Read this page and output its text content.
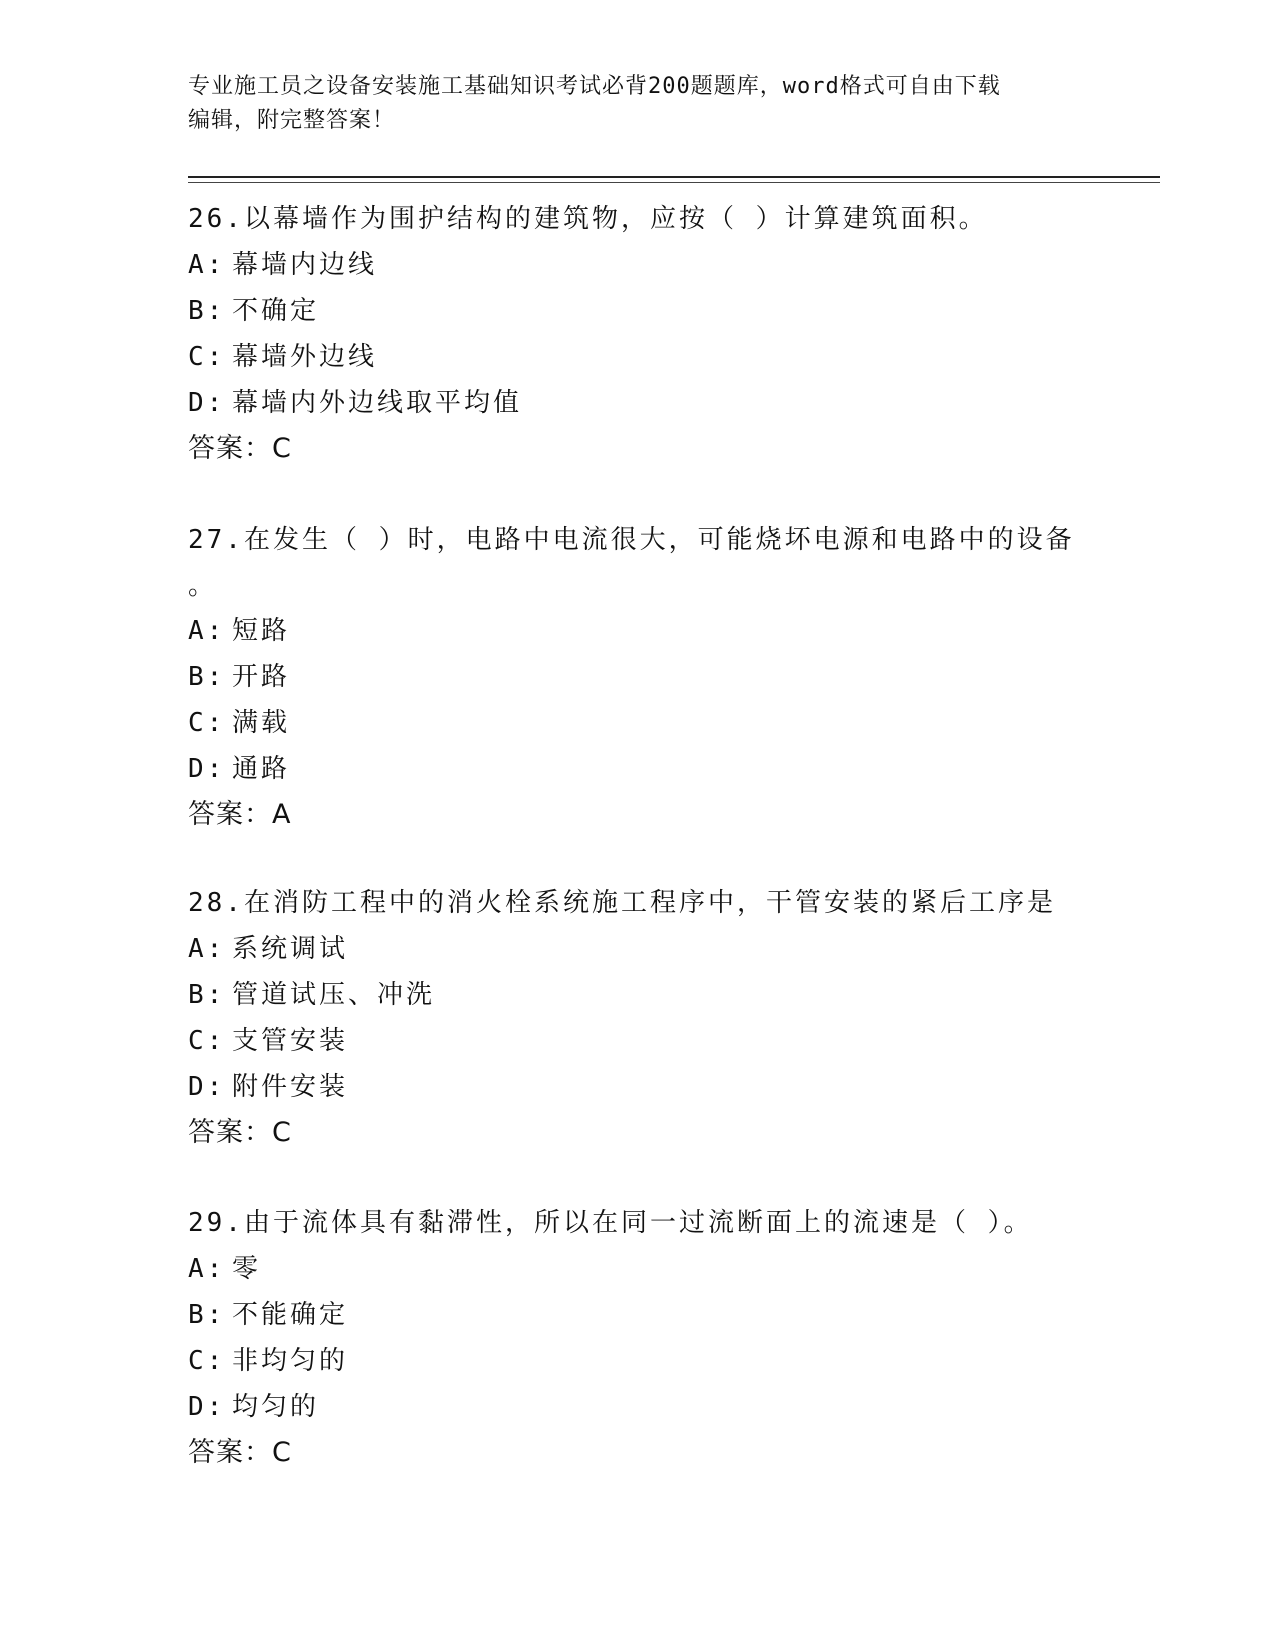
专业施工员之设备安装施工基础知识考试必背200题题库，word格式可自由下载
编辑，附完整答案！
26.以幕墙作为围护结构的建筑物，应按（ ）计算建筑面积。
A: 幕墙内边线
B: 不确定
C: 幕墙外边线
D: 幕墙内外边线取平均值
答案： C
27.在发生（ ）时，电路中电流很大，可能烧坏电源和电路中的设备
。
A: 短路
B: 开路
C: 满载
D: 通路
答案： A
28.在消防工程中的消火栓系统施工程序中，干管安装的紧后工序是
A: 系统调试
B: 管道试压、冲洗
C: 支管安装
D: 附件安装
答案： C
29.由于流体具有黏滞性，所以在同一过流断面上的流速是（ ）。
A: 零
B: 不能确定
C: 非均匀的
D: 均匀的
答案： C
